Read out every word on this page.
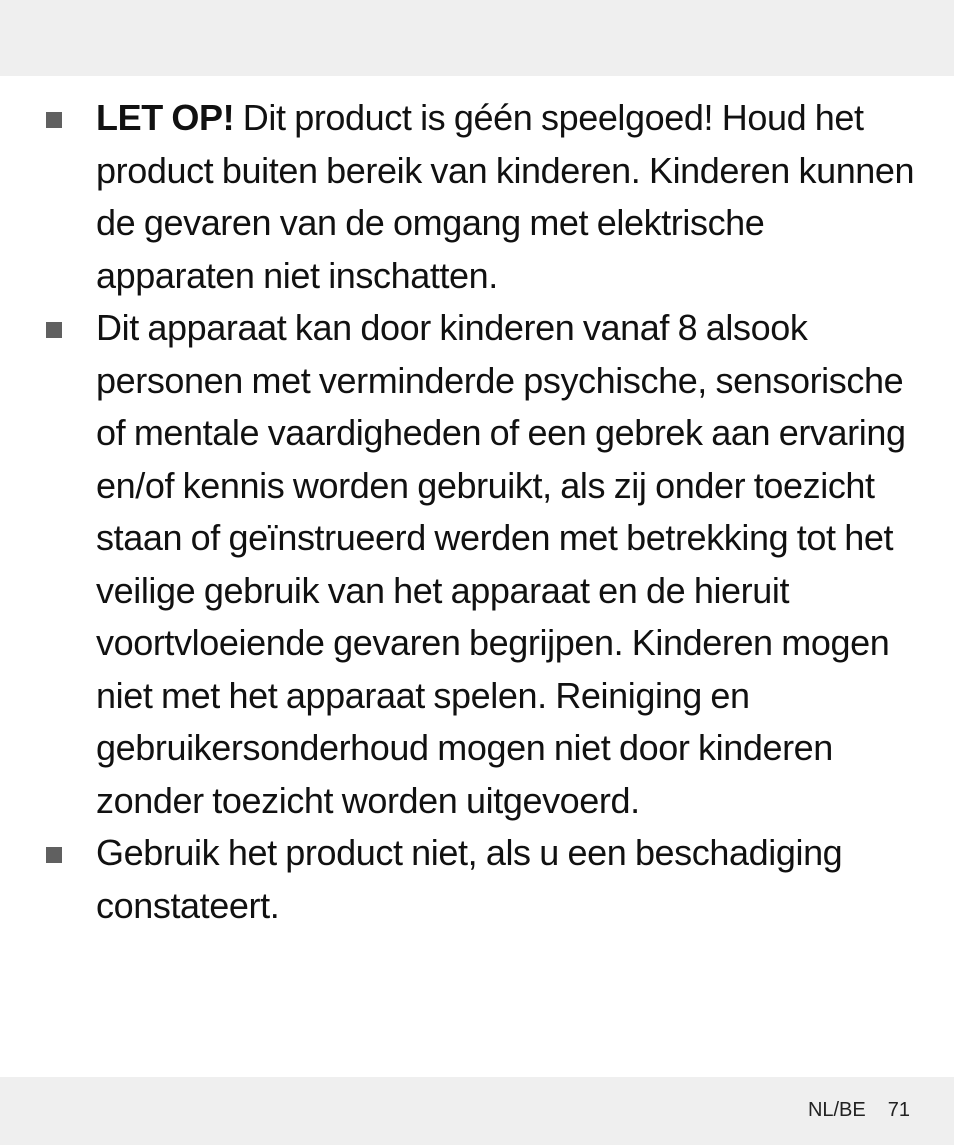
LET OP! Dit product is géén speelgoed! Houd het product buiten bereik van kinderen. Kinderen kunnen de gevaren van de omgang met elektrische apparaten niet inschatten.
Dit apparaat kan door kinderen vanaf 8 alsook personen met verminderde psychische, sensorische of mentale vaardigheden of een gebrek aan ervaring en/of kennis worden gebruikt, als zij onder toezicht staan of geïnstrueerd werden met betrekking tot het veilige gebruik van het apparaat en de hieruit voortvloeiende gevaren begrijpen. Kinderen mogen niet met het apparaat spelen. Reiniging en gebruikersonderhoud mogen niet door kinderen zonder toezicht worden uitgevoerd.
Gebruik het product niet, als u een beschadiging constateert.
NL/BE 71
